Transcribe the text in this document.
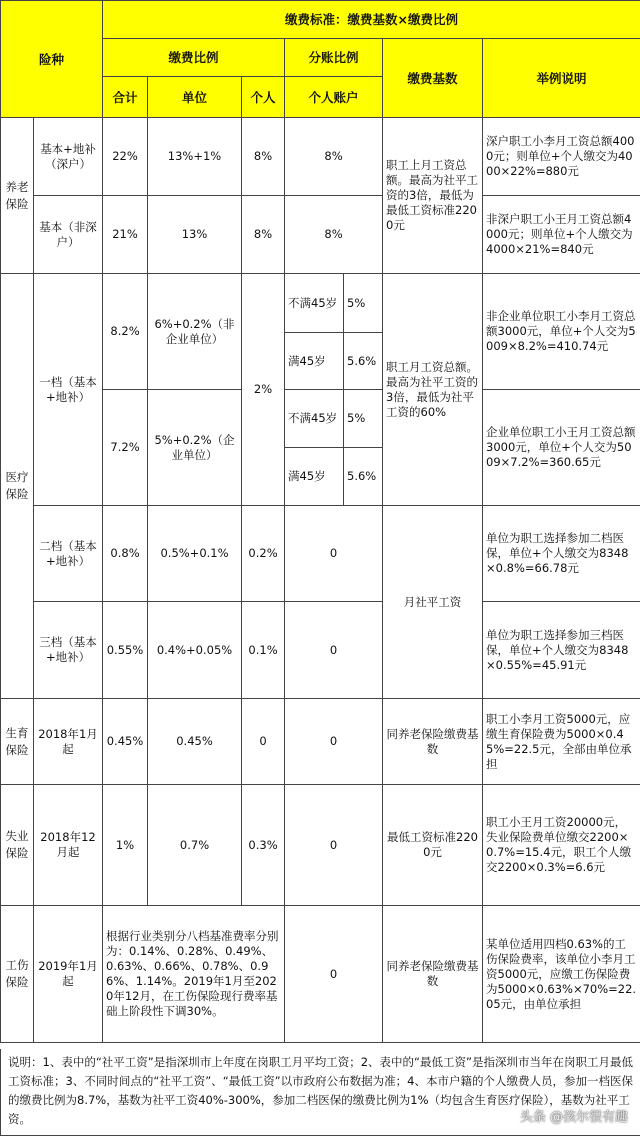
险种		缴费标准：缴费基数×缴费比例						
		缴费比例			分账比例		缴费基数	举例说明
		合计	单位	个人	个人账户			
养老保险	基本+地补（深户）	22%	13%+1%	8%	8%		职工上月工资总额。最高为社平工资的3倍，最低为最低工资标准2200元	深户职工小李月工资总额4000元；则单位+个人缴交为4000×22%=880元
	基本（非深户）	21%	13%	8%	8%			非深户职工小王月工资总额4000元；则单位+个人缴交为4000×21%=840元
医疗保险	一档（基本+地补）	8.2%	6%+0.2%（非企业单位）	2%	不满45岁	5%	职工月工资总额。最高为社平工资的3倍，最低为社平工资的60%	非企业单位职工小李月工资总额3000元，单位+个人交为5009×8.2%=410.74元
					满45岁	5.6%		
		7.2%	5%+0.2%（企业单位）		不满45岁	5%		企业单位职工小王月工资总额3000元，单位+个人交为5009×7.2%=360.65元
					满45岁	5.6%		
	二档（基本+地补）	0.8%	0.5%+0.1%	0.2%	0		月社平工资	单位为职工选择参加二档医保，单位+个人缴交为8348×0.8%=66.78元
	三档（基本+地补）	0.55%	0.4%+0.05%	0.1%	0			单位为职工选择参加三档医保，单位+个人缴交为8348×0.55%=45.91元
生育保险	2018年1月起	0.45%	0.45%	0	0		同养老保险缴费基数	职工小李月工资5000元，应缴生育保险费为5000×0.45%=22.5元，全部由单位承担
失业保险	2018年12月起	1%	0.7%	0.3%	0		最低工资标准2200元	职工小王月工资20000元，失业保险费单位缴交2200×0.7%=15.4元，职工个人缴交2200×0.3%=6.6元
工伤保险	2019年1月起	根据行业类别分八档基准费率分别为：0.14%、0.28%、0.49%、0.63%、0.66%、0.78%、0.96%、1.14%。2019年1月至2020年12月，在工伤保险现行费率基础上阶段性下调30%。			0		同养老保险缴费基数	某单位适用四档0.63%的工伤保险费率，该单位小李月工资5000元，应缴工伤保险费为5000×0.63%×70%=22.05元，由单位承担
说明：1、表中的“社平工资”是指深圳市上年度在岗职工月平均工资；2、表中的“最低工资”是指深圳市当年在岗职工月最低工资标准；3、不同时间点的“社平工资”、“最低工资”以市政府公布数据为准；4、本市户籍的个人缴费人员，参加一档医保的缴费比例为8.7%，基数为社平工资40%-300%，参加二档医保的缴费比例为1%（均包含生育医疗保险），基数为社平工资。	头条 @孩尔很有趣
